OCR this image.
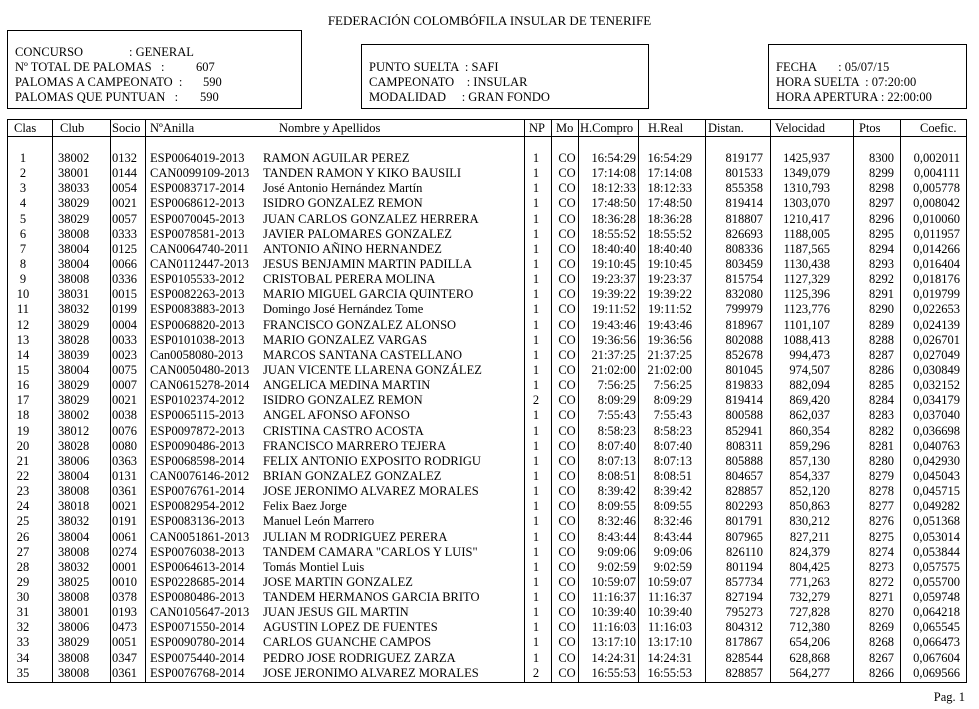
FEDERACIÓN COLOMBÓFILA INSULAR DE TENERIFE
CONCURSO	: GENERAL
Nº TOTAL DE PALOMAS   :	607
PALOMAS A CAMPEONATO  : 590
PALOMAS QUE PUNTUAN   : 590
PUNTO SUELTA  : SAFI
CAMPEONATO    : INSULAR
MODALIDAD     : GRAN FONDO
FECHA       : 05/07/15
HORA SUELTA  : 07:20:00
HORA APERTURA : 22:00:00
Clas Club Socio NºAnilla	Nombre y Apellidos	NP Mo H.Compro H.Real Distan. Velocidad	Ptos	Coefic.
1	38002	0132	ESP0064019-2013	RAMON AGUILAR PEREZ	1	CO	16:54:29 16:54:29	819177	1425,937	8300	0,002011
2	38001	0144	CAN0099109-2013	TANDEN RAMON Y KIKO BAUSILI	1	CO	17:14:08 17:14:08	801533	1349,079	8299	0,004111
3	38033	0054	ESP0083717-2014	José Antonio Hernández Martín	1	CO	18:12:33 18:12:33	855358	1310,793	8298	0,005778
4	38029	0021	ESP0068612-2013	ISIDRO GONZALEZ REMON	1	CO	17:48:50 17:48:50	819414	1303,070	8297	0,008042
5	38029	0057	ESP0070045-2013	JUAN CARLOS GONZALEZ HERRERA	1	CO	18:36:28 18:36:28	818807	1210,417	8296	0,010060
6	38008	0333	ESP0078581-2013	JAVIER PALOMARES GONZALEZ	1	CO	18:55:52 18:55:52	826693	1188,005	8295	0,011957
7	38004	0125	CAN0064740-2011	ANTONIO AÑINO HERNANDEZ	1	CO	18:40:40 18:40:40	808336	1187,565	8294	0,014266
8	38004	0066	CAN0112447-2013	JESUS BENJAMIN MARTIN PADILLA	1	CO	19:10:45 19:10:45	803459	1130,438	8293	0,016404
9	38008	0336	ESP0105533-2012	CRISTOBAL PERERA MOLINA	1	CO	19:23:37 19:23:37	815754	1127,329	8292	0,018176
10	38031	0015	ESP0082263-2013	MARIO MIGUEL GARCIA QUINTERO	1	CO	19:39:22 19:39:22	832080	1125,396	8291	0,019799
11	38032	0199	ESP0083883-2013	Domingo José Hernández Tome	1	CO	19:11:52 19:11:52	799979	1123,776	8290	0,022653
12	38029	0004	ESP0068820-2013	FRANCISCO GONZALEZ ALONSO	1	CO	19:43:46 19:43:46	818967	1101,107	8289	0,024139
13	38028	0033	ESP0101038-2013	MARIO GONZALEZ VARGAS	1	CO	19:36:56 19:36:56	802088	1088,413	8288	0,026701
14	38039	0023	Can0058080-2013	MARCOS SANTANA CASTELLANO	1	CO	21:37:25 21:37:25	852678	994,473	8287	0,027049
15	38004	0075	CAN0050480-2013	JUAN VICENTE LLARENA GONZÁLEZ	1	CO	21:02:00 21:02:00	801045	974,507	8286	0,030849
16	38029	0007	CAN0615278-2014	ANGELICA MEDINA MARTIN	1	CO	7:56:25	7:56:25	819833	882,094	8285	0,032152
17	38029	0021	ESP0102374-2012	ISIDRO GONZALEZ REMON	2	CO	8:09:29	8:09:29	819414	869,420	8284	0,034179
18	38002	0038	ESP0065115-2013	ANGEL AFONSO AFONSO	1	CO	7:55:43	7:55:43	800588	862,037	8283	0,037040
19	38012	0076	ESP0097872-2013	CRISTINA CASTRO ACOSTA	1	CO	8:58:23	8:58:23	852941	860,354	8282	0,036698
20	38028	0080	ESP0090486-2013	FRANCISCO MARRERO TEJERA	1	CO	8:07:40	8:07:40	808311	859,296	8281	0,040763
21	38006	0363	ESP0068598-2014	FELIX ANTONIO EXPOSITO RODRIGU	1	CO	8:07:13	8:07:13	805888	857,130	8280	0,042930
22	38004	0131	CAN0076146-2012	BRIAN GONZALEZ GONZALEZ	1	CO	8:08:51	8:08:51	804657	854,337	8279	0,045043
23	38008	0361	ESP0076761-2014	JOSE JERONIMO ALVAREZ MORALES	1	CO	8:39:42	8:39:42	828857	852,120	8278	0,045715
24	38018	0021	ESP0082954-2012	Felix Baez Jorge	1	CO	8:09:55	8:09:55	802293	850,863	8277	0,049282
25	38032	0191	ESP0083136-2013	Manuel León Marrero	1	CO	8:32:46	8:32:46	801791	830,212	8276	0,051368
26	38004	0061	CAN0051861-2013	JULIAN M RODRIGUEZ PERERA	1	CO	8:43:44	8:43:44	807965	827,211	8275	0,053014
27	38008	0274	ESP0076038-2013	TANDEM CAMARA "CARLOS Y LUIS"	1	CO	9:09:06	9:09:06	826110	824,379	8274	0,053844
28	38032	0001	ESP0064613-2014	Tomás Montiel Luis	1	CO	9:02:59	9:02:59	801194	804,425	8273	0,057575
29	38025	0010	ESP0228685-2014	JOSE MARTIN GONZALEZ	1	CO	10:59:07 10:59:07	857734	771,263	8272	0,055700
30	38008	0378	ESP0080486-2013	TANDEM HERMANOS GARCIA BRITO	1	CO	11:16:37 11:16:37	827194	732,279	8271	0,059748
31	38001	0193	CAN0105647-2013	JUAN JESUS GIL MARTIN	1	CO	10:39:40 10:39:40	795273	727,828	8270	0,064218
32	38006	0473	ESP0071550-2014	AGUSTIN LOPEZ DE FUENTES	1	CO	11:16:03 11:16:03	804312	712,380	8269	0,065545
33	38029	0051	ESP0090780-2014	CARLOS GUANCHE CAMPOS	1	CO	13:17:10 13:17:10	817867	654,206	8268	0,066473
34	38008	0347	ESP0075440-2014	PEDRO JOSE RODRIGUEZ ZARZA	1	CO	14:24:31 14:24:31	828544	628,868	8267	0,067604
35	38008	0361	ESP0076768-2014	JOSE JERONIMO ALVAREZ MORALES	2	CO	16:55:53 16:55:53	828857	564,277	8266	0,069566
Pag. 1
